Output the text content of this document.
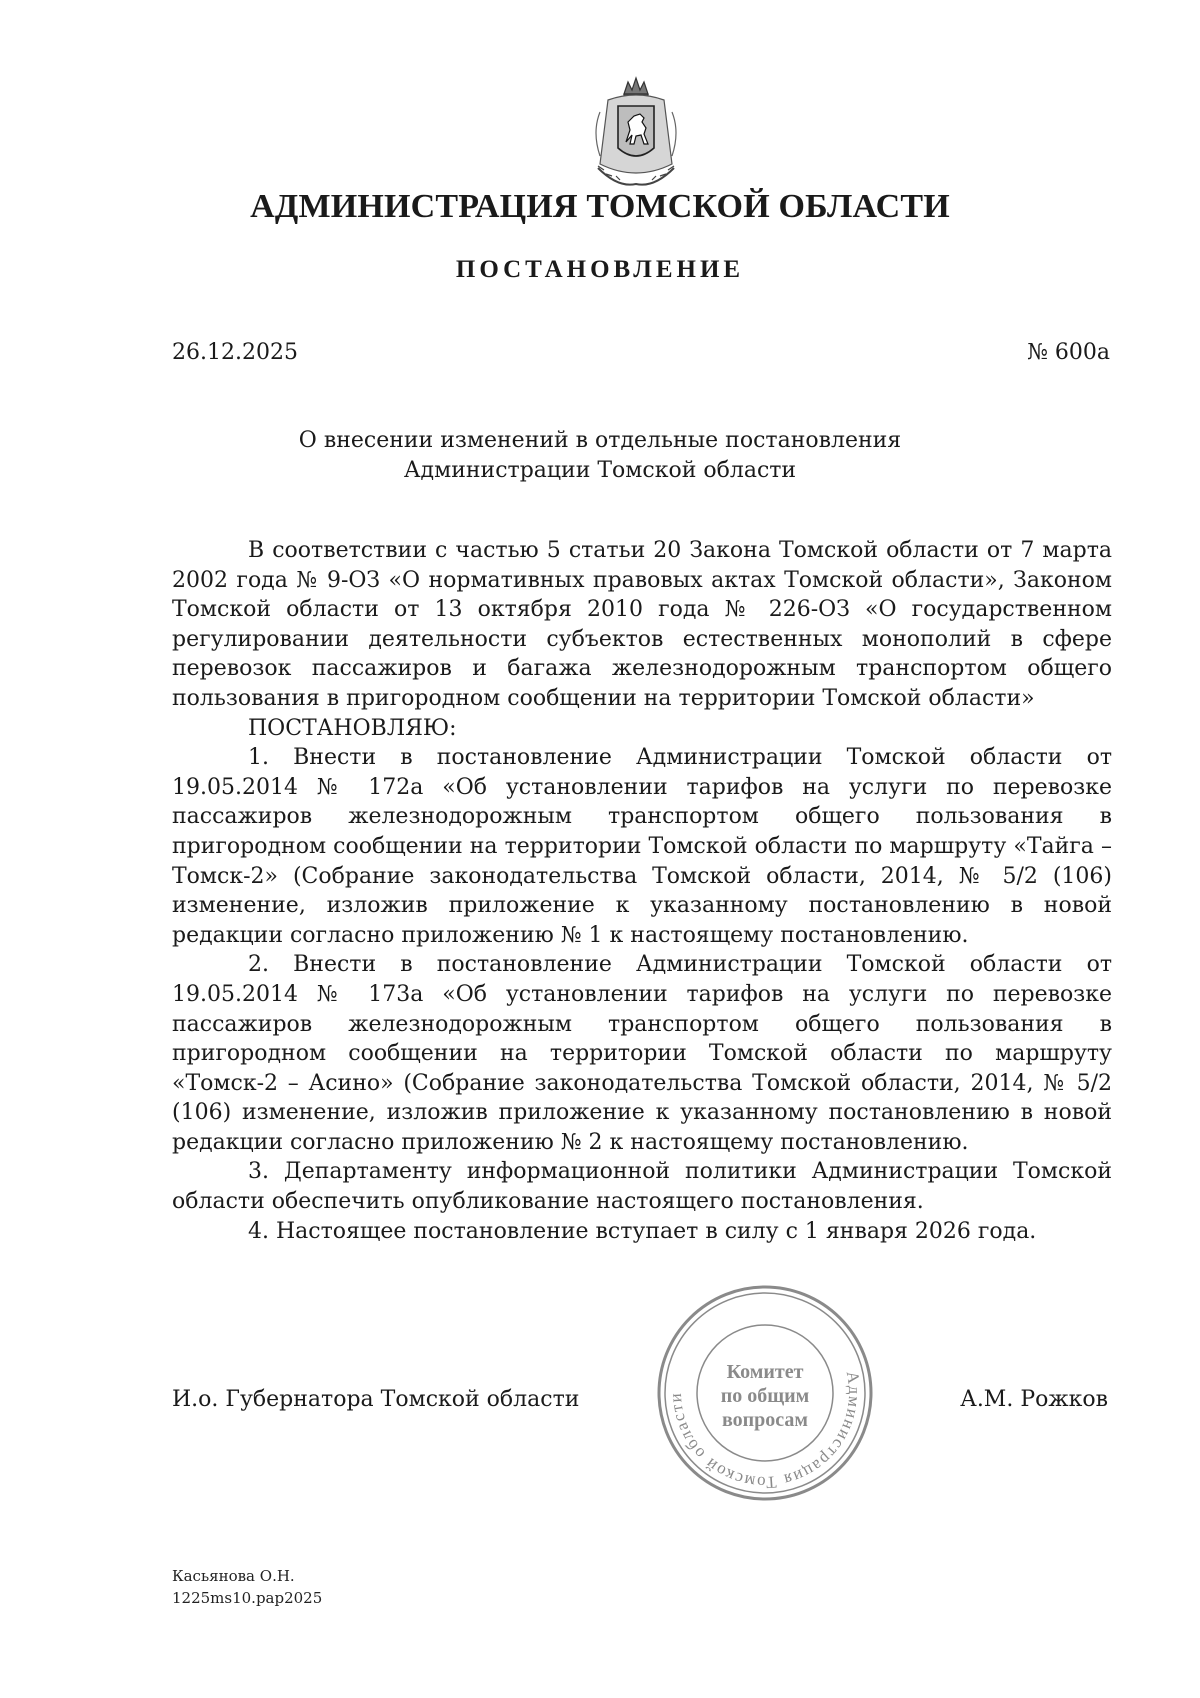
АДМИНИСТРАЦИЯ ТОМСКОЙ ОБЛАСТИ
ПОСТАНОВЛЕНИЕ
26.12.2025	№ 600а
О внесении изменений в отдельные постановления
Администрации Томской области

В соответствии с частью 5 статьи 20 Закона Томской области от 7 марта 2002 года № 9-ОЗ «О нормативных правовых актах Томской области», Законом Томской области от 13 октября 2010 года № 226-ОЗ «О государственном регулировании деятельности субъектов естественных монополий в сфере перевозок пассажиров и багажа железнодорожным транспортом общего пользования в пригородном сообщении на территории Томской области»

ПОСТАНОВЛЯЮ:

1. Внести в постановление Администрации Томской области от 19.05.2014 № 172а «Об установлении тарифов на услуги по перевозке пассажиров железнодорожным транспортом общего пользования в пригородном сообщении на территории Томской области по маршруту «Тайга – Томск-2» (Собрание законодательства Томской области, 2014, № 5/2 (106) изменение, изложив приложение к указанному постановлению в новой редакции согласно приложению № 1 к настоящему постановлению.

2. Внести в постановление Администрации Томской области от 19.05.2014 № 173а «Об установлении тарифов на услуги по перевозке пассажиров железнодорожным транспортом общего пользования в пригородном сообщении на территории Томской области по маршруту «Томск-2 – Асино» (Собрание законодательства Томской области, 2014, № 5/2 (106) изменение, изложив приложение к указанному постановлению в новой редакции согласно приложению № 2 к настоящему постановлению.

3. Департаменту информационной политики Администрации Томской области обеспечить опубликование настоящего постановления.

4. Настоящее постановление вступает в силу с 1 января 2026 года.

И.о. Губернатора Томской области	А.М. Рожков
Администрация Томской области
Комитет
по общим
вопросам
Касьянова О.Н.
1225ms10.pap2025
